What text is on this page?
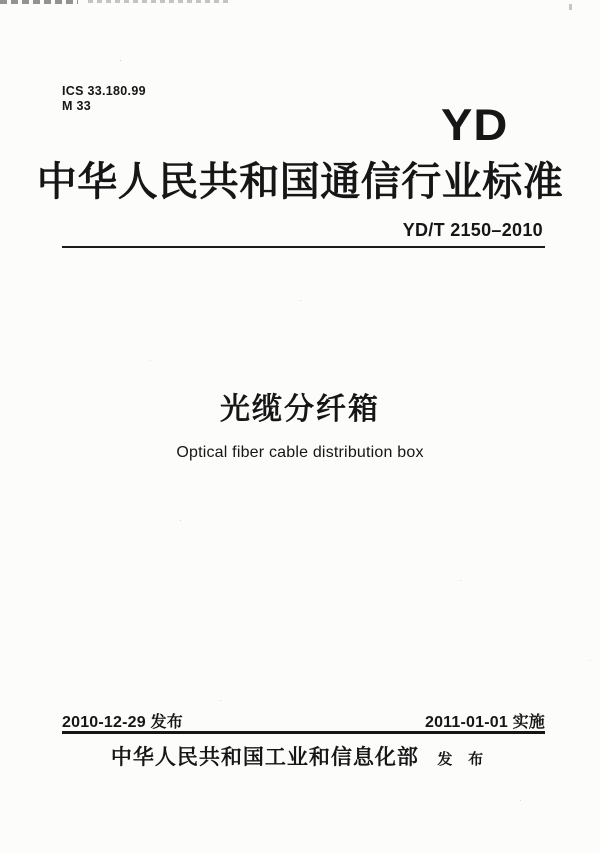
ICS 33.180.99
M 33	YD
中华人民共和国通信行业标准
YD/T 2150–2010
光缆分纤箱
Optical fiber cable distribution box
2010-12-29 发布	2011-01-01 实施
中华人民共和国工业和信息化部 发 布
